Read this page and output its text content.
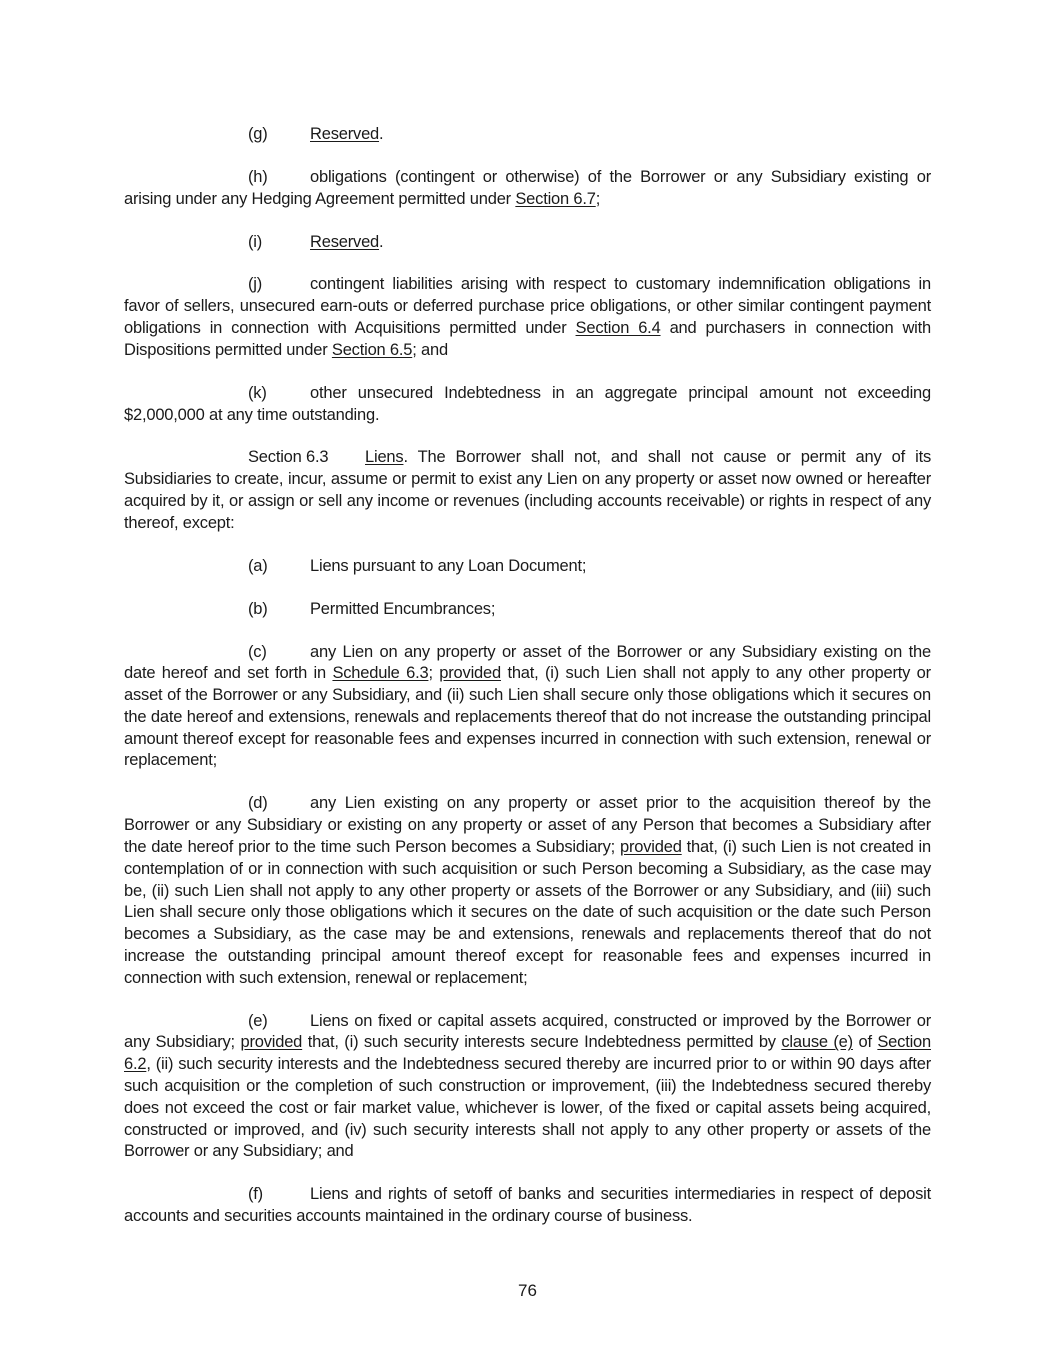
(g)	Reserved.

(h)	obligations (contingent or otherwise) of the Borrower or any Subsidiary existing or arising under any Hedging Agreement permitted under Section 6.7;

(i)	Reserved.

(j)	contingent liabilities arising with respect to customary indemnification obligations in favor of sellers, unsecured earn-outs or deferred purchase price obligations, or other similar contingent payment obligations in connection with Acquisitions permitted under Section 6.4 and purchasers in connection with Dispositions permitted under Section 6.5; and

(k)	other unsecured Indebtedness in an aggregate principal amount not exceeding $2,000,000 at any time outstanding.

Section 6.3 Liens. The Borrower shall not, and shall not cause or permit any of its Subsidiaries to create, incur, assume or permit to exist any Lien on any property or asset now owned or hereafter acquired by it, or assign or sell any income or revenues (including accounts receivable) or rights in respect of any thereof, except:

(a)	Liens pursuant to any Loan Document;
(b)	Permitted Encumbrances;

(c)	any Lien on any property or asset of the Borrower or any Subsidiary existing on the date hereof and set forth in Schedule 6.3; provided that, (i) such Lien shall not apply to any other property or asset of the Borrower or any Subsidiary, and (ii) such Lien shall secure only those obligations which it secures on the date hereof and extensions, renewals and replacements thereof that do not increase the outstanding principal amount thereof except for reasonable fees and expenses incurred in connection with such extension, renewal or replacement;

(d)	any Lien existing on any property or asset prior to the acquisition thereof by the Borrower or any Subsidiary or existing on any property or asset of any Person that becomes a Subsidiary after the date hereof prior to the time such Person becomes a Subsidiary; provided that, (i) such Lien is not created in contemplation of or in connection with such acquisition or such Person becoming a Subsidiary, as the case may be, (ii) such Lien shall not apply to any other property or assets of the Borrower or any Subsidiary, and (iii) such Lien shall secure only those obligations which it secures on the date of such acquisition or the date such Person becomes a Subsidiary, as the case may be and extensions, renewals and replacements thereof that do not increase the outstanding principal amount thereof except for reasonable fees and expenses incurred in connection with such extension, renewal or replacement;

(e)	Liens on fixed or capital assets acquired, constructed or improved by the Borrower or any Subsidiary; provided that, (i) such security interests secure Indebtedness permitted by clause (e) of Section 6.2, (ii) such security interests and the Indebtedness secured thereby are incurred prior to or within 90 days after such acquisition or the completion of such construction or improvement, (iii) the Indebtedness secured thereby does not exceed the cost or fair market value, whichever is lower, of the fixed or capital assets being acquired, constructed or improved, and (iv) such security interests shall not apply to any other property or assets of the Borrower or any Subsidiary; and

(f)	Liens and rights of setoff of banks and securities intermediaries in respect of deposit accounts and securities accounts maintained in the ordinary course of business.

76
